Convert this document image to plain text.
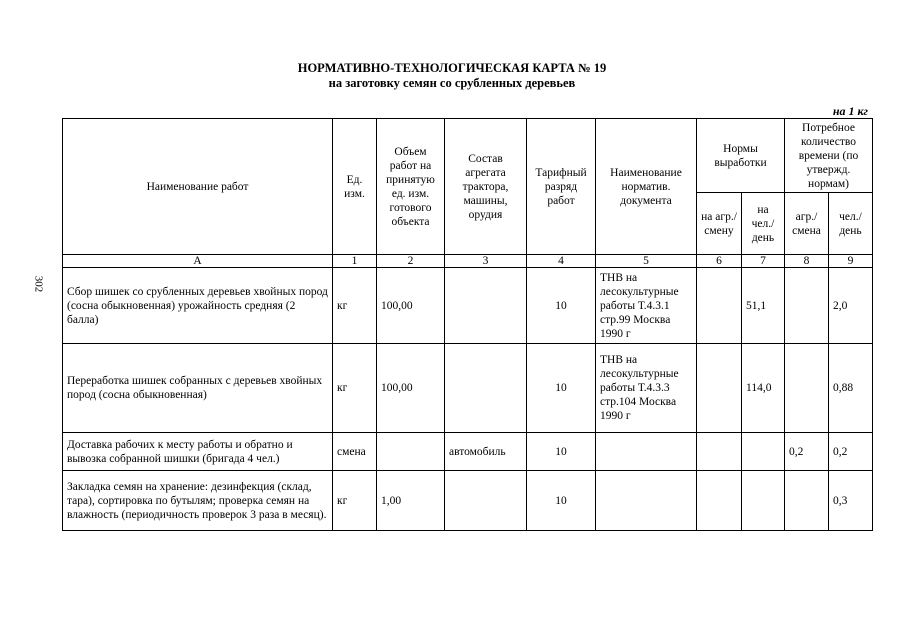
302
НОРМАТИВНО-ТЕХНОЛОГИЧЕСКАЯ КАРТА № 19
на заготовку семян со срубленных деревьев
на 1 кг
Наименование работ	Ед. изм.	Объем работ на принятую ед. изм. готового объекта	Состав агрегата трактора, машины, орудия	Тарифный разряд работ	Наименование норматив. документа	Нормы выработки		Потребное количество времени (по утвержд. нормам)	
						на агр./ смену	на чел./ день	агр./ смена	чел./ день
А	1	2	3	4	5	6	7	8	9
Сбор шишек со срубленных деревьев хвойных пород (сосна обыкновенная) урожайность средняя (2 балла)	кг	100,00		10	ТНВ на лесокультурные работы Т.4.3.1 стр.99 Москва 1990 г		51,1		2,0
Переработка шишек собранных с деревьев хвойных пород (сосна обыкновенная)	кг	100,00		10	ТНВ на лесокультурные работы Т.4.3.3 стр.104 Москва 1990 г		114,0		0,88
Доставка рабочих к месту работы и обратно и вывозка собранной шишки (бригада 4 чел.)	смена		автомобиль	10				0,2	0,2
Закладка семян на хранение: дезинфекция (склад, тара), сортировка по бутылям; проверка семян на влажность (периодичность проверок 3 раза в месяц).	кг	1,00		10					0,3
